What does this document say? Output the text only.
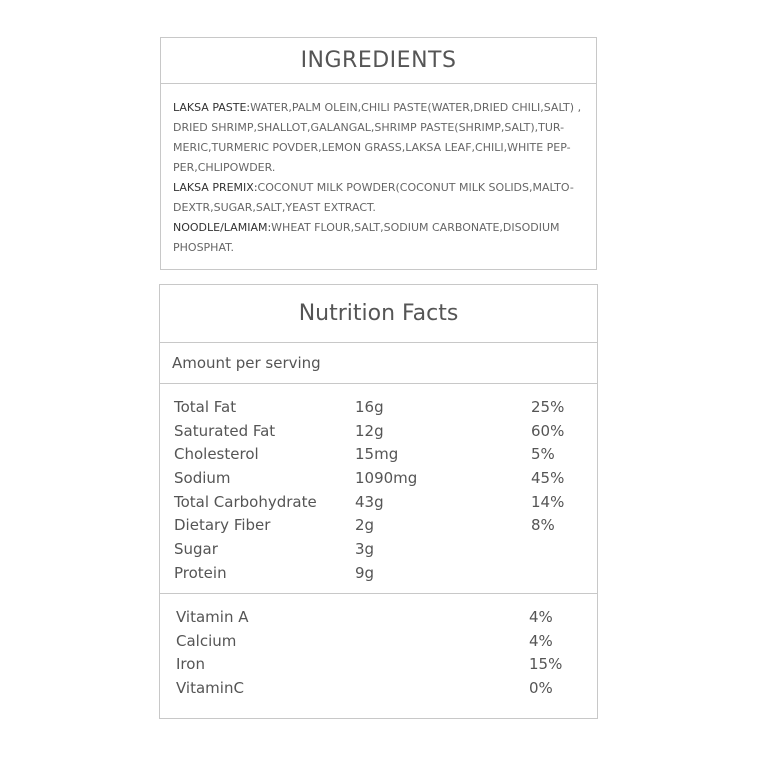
INGREDIENTS
LAKSA PASTE:WATER,PALM OLEIN,CHILI PASTE(WATER,DRIED CHILI,SALT) , DRIED SHRIMP,SHALLOT,GALANGAL,SHRIMP PASTE(SHRIMP,SALT),TUR-MERIC,TURMERIC POVDER,LEMON GRASS,LAKSA LEAF,CHILI,WHITE PEP-PER,CHLIPOWDER.
LAKSA PREMIX:COCONUT MILK POWDER(COCONUT MILK SOLIDS,MALTO-DEXTR,SUGAR,SALT,YEAST EXTRACT.
NOODLE/LAMIAM:WHEAT FLOUR,SALT,SODIUM CARBONATE,DISODIUM PHOSPHAT.
Nutrition Facts
Amount per serving
Total Fat	16g	25%
Saturated Fat	12g	60%
Cholesterol	15mg	5%
Sodium	1090mg	45%
Total Carbohydrate	43g	14%
Dietary Fiber	2g	8%
Sugar	3g
Protein	9g
Vitamin A	4%
Calcium	4%
Iron	15%
VitaminC	0%
